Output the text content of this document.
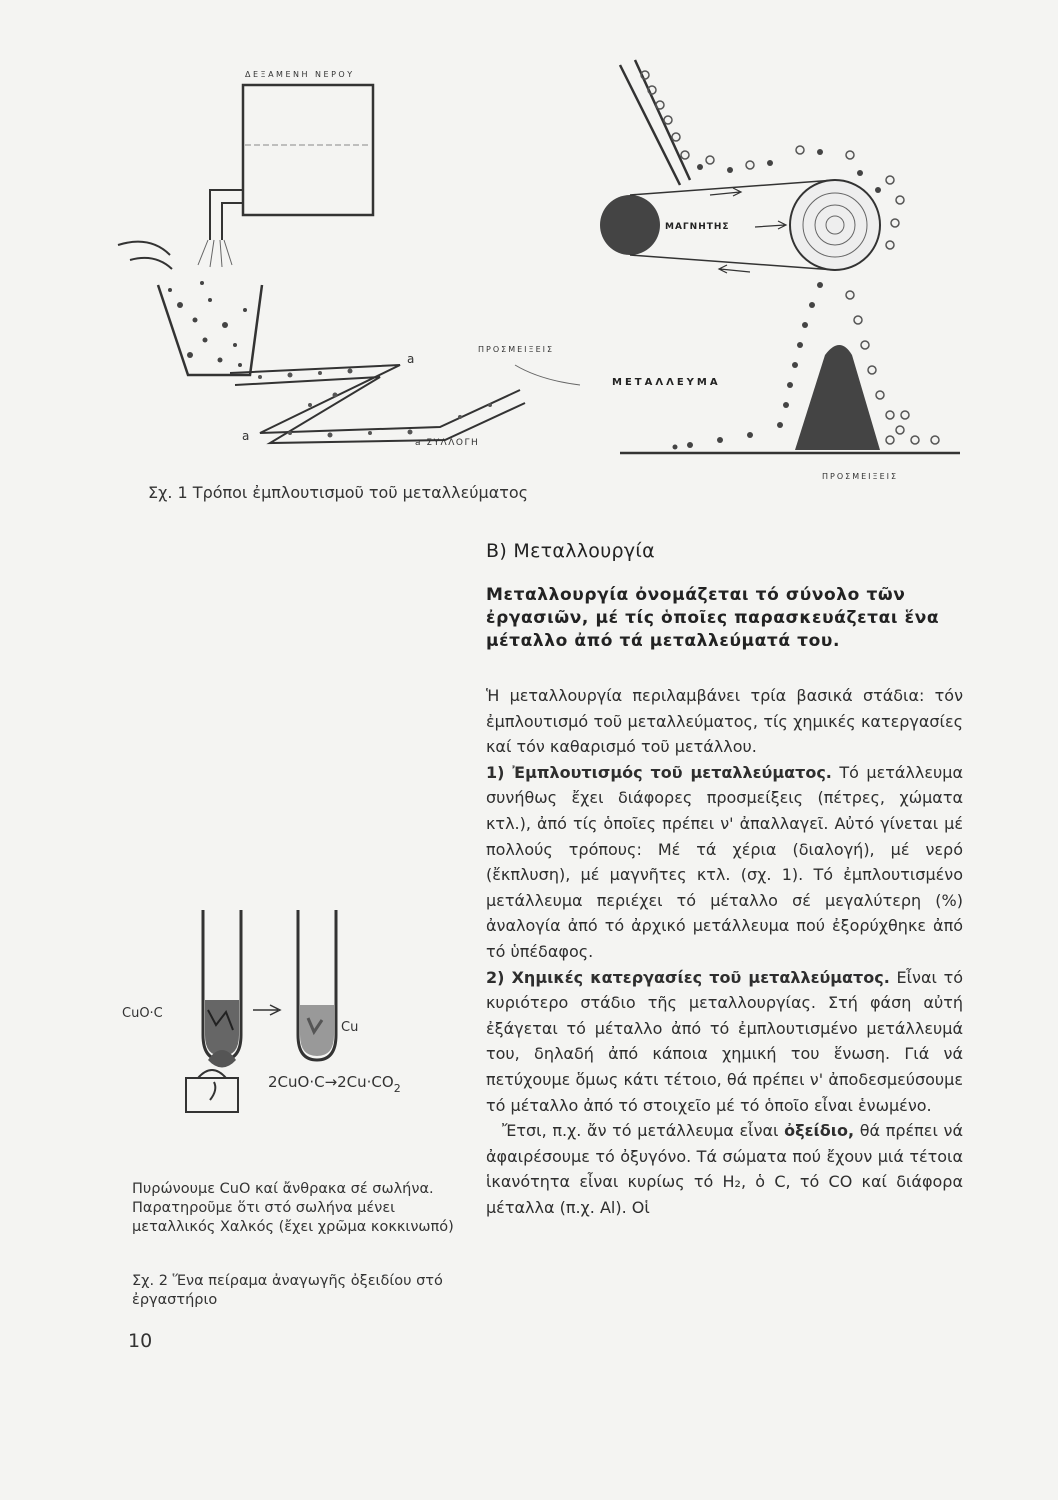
ΔΕΞΑΜΕΝΗ ΝΕΡΟΥ
a
a	a ΣΥΛΛΟΓΗ
ΠΡΟΣΜΕΙΞΕΙΣ
ΜΑΓΝΗΤΗΣ
ΜΕΤΑΛΛΕΥΜΑ
ΠΡΟΣΜΕΙΞΕΙΣ
Σχ. 1 Τρόποι ἐμπλουτισμοῦ τοῦ μεταλλεύματος
Β) Μεταλλουργία
Μεταλλουργία ὀνομάζεται τό σύνολο τῶν ἐργασιῶν, μέ τίς ὁποῖες παρασκευάζεται ἕνα μέταλλο ἀπό τά μεταλλεύματά του.

Ἡ μεταλλουργία περιλαμβάνει τρία βασικά στάδια: τόν ἐμπλουτισμό τοῦ μεταλλεύματος, τίς χημικές κατεργασίες καί τόν καθαρισμό τοῦ μετάλλου.

1) Ἐμπλουτισμός τοῦ μεταλλεύματος. Τό μετάλλευμα συνήθως ἔχει διάφορες προσμείξεις (πέτρες, χώματα κτλ.), ἀπό τίς ὁποῖες πρέπει ν' ἀπαλλαγεῖ. Αὐτό γίνεται μέ πολλούς τρόπους: Μέ τά χέρια (διαλογή), μέ νερό (ἔκπλυση), μέ μαγνῆτες κτλ. (σχ. 1). Τό ἐμπλουτισμένο μετάλλευμα περιέχει τό μέταλλο σέ μεγαλύτερη (%) ἀναλογία ἀπό τό ἀρχικό μετάλλευμα πού ἐξορύχθηκε ἀπό τό ὑπέδαφος.

2) Χημικές κατεργασίες τοῦ μεταλλεύματος. Εἶναι τό κυριότερο στάδιο τῆς μεταλλουργίας. Στή φάση αὐτή ἐξάγεται τό μέταλλο ἀπό τό ἐμπλουτισμένο μετάλλευμά του, δηλαδή ἀπό κάποια χημική του ἕνωση. Γιά νά πετύχουμε ὅμως κάτι τέτοιο, θά πρέπει ν' ἀποδεσμεύσουμε τό μέταλλο ἀπό τό στοιχεῖο μέ τό ὁποῖο εἶναι ἑνωμένο.

Ἔτσι, π.χ. ἄν τό μετάλλευμα εἶναι ὀξείδιο, θά πρέπει νά ἀφαιρέσουμε τό ὀξυγόνο. Τά σώματα πού ἔχουν μιά τέτοια ἱκανότητα εἶναι κυρίως τό H₂, ὁ C, τό CO καί διάφορα μέταλλα (π.χ. Al). Οἱ

CuO·C
Cu
$2CuO\cdot C\to 2Cu\cdot CO_2$
Πυρώνουμε CuO καί ἄνθρακα σέ σωλήνα. Παρατηροῦμε ὅτι στό σωλήνα μένει μεταλλικός Χαλκός (ἔχει χρῶμα κοκκινωπό)
Σχ. 2 Ἕνα πείραμα ἀναγωγῆς ὀξειδίου στό ἐργαστήριο
10
